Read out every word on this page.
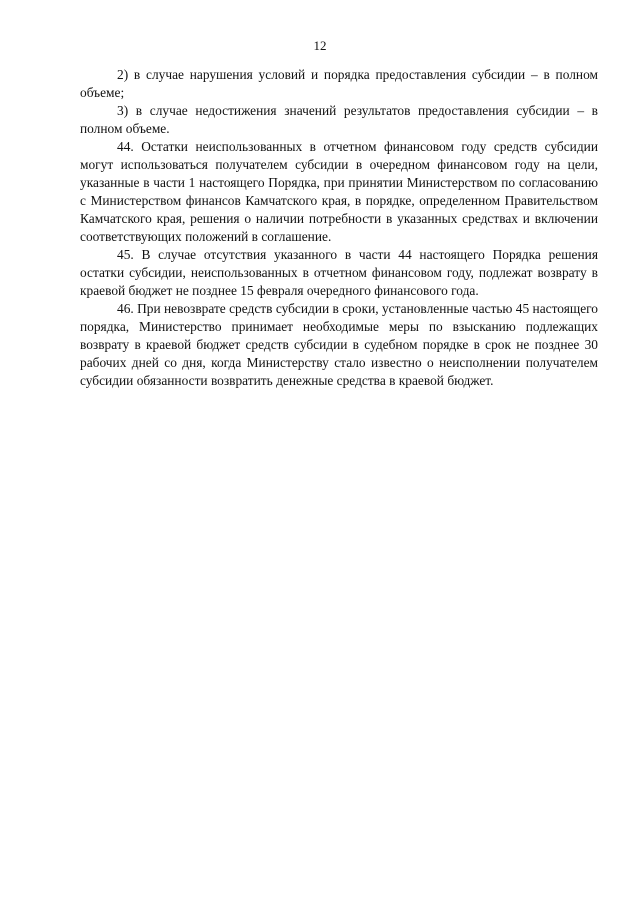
12

2) в случае нарушения условий и порядка предоставления субсидии – в полном объеме;

3) в случае недостижения значений результатов предоставления субсидии – в полном объеме.

44. Остатки неиспользованных в отчетном финансовом году средств субсидии могут использоваться получателем субсидии в очередном финансовом году на цели, указанные в части 1 настоящего Порядка, при принятии Министерством по согласованию с Министерством финансов Камчатского края, в порядке, определенном Правительством Камчатского края, решения о наличии потребности в указанных средствах и включении соответствующих положений в соглашение.

45. В случае отсутствия указанного в части 44 настоящего Порядка решения остатки субсидии, неиспользованных в отчетном финансовом году, подлежат возврату в краевой бюджет не позднее 15 февраля очередного финансового года.

46. При невозврате средств субсидии в сроки, установленные частью 45 настоящего порядка, Министерство принимает необходимые меры по взысканию подлежащих возврату в краевой бюджет средств субсидии в судебном порядке в срок не позднее 30 рабочих дней со дня, когда Министерству стало известно о неисполнении получателем субсидии обязанности возвратить денежные средства в краевой бюджет.
